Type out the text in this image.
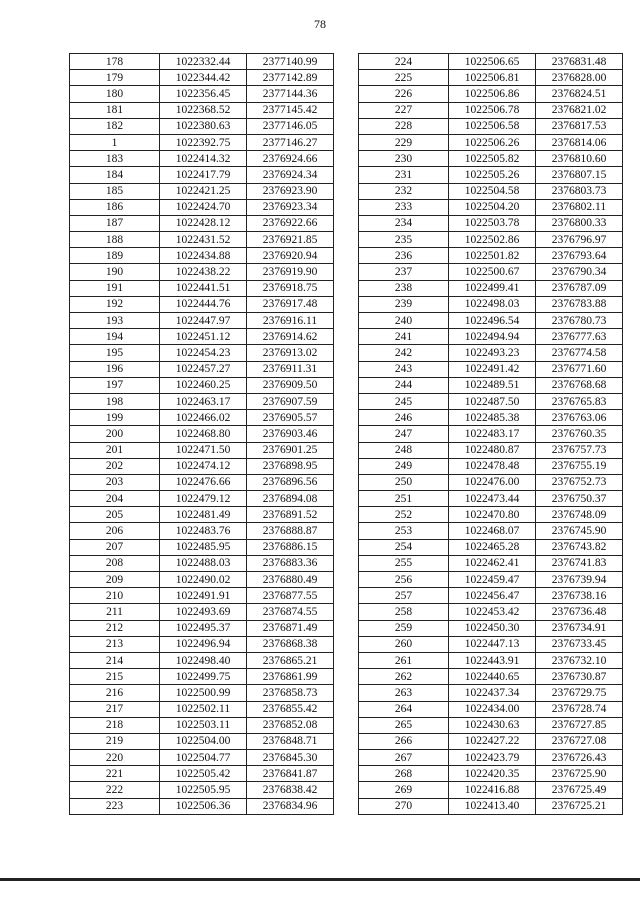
78
178	1022332.44	2377140.99
179	1022344.42	2377142.89
180	1022356.45	2377144.36
181	1022368.52	2377145.42
182	1022380.63	2377146.05
1	1022392.75	2377146.27
183	1022414.32	2376924.66
184	1022417.79	2376924.34
185	1022421.25	2376923.90
186	1022424.70	2376923.34
187	1022428.12	2376922.66
188	1022431.52	2376921.85
189	1022434.88	2376920.94
190	1022438.22	2376919.90
191	1022441.51	2376918.75
192	1022444.76	2376917.48
193	1022447.97	2376916.11
194	1022451.12	2376914.62
195	1022454.23	2376913.02
196	1022457.27	2376911.31
197	1022460.25	2376909.50
198	1022463.17	2376907.59
199	1022466.02	2376905.57
200	1022468.80	2376903.46
201	1022471.50	2376901.25
202	1022474.12	2376898.95
203	1022476.66	2376896.56
204	1022479.12	2376894.08
205	1022481.49	2376891.52
206	1022483.76	2376888.87
207	1022485.95	2376886.15
208	1022488.03	2376883.36
209	1022490.02	2376880.49
210	1022491.91	2376877.55
211	1022493.69	2376874.55
212	1022495.37	2376871.49
213	1022496.94	2376868.38
214	1022498.40	2376865.21
215	1022499.75	2376861.99
216	1022500.99	2376858.73
217	1022502.11	2376855.42
218	1022503.11	2376852.08
219	1022504.00	2376848.71
220	1022504.77	2376845.30
221	1022505.42	2376841.87
222	1022505.95	2376838.42
223	1022506.36	2376834.96
224	1022506.65	2376831.48
225	1022506.81	2376828.00
226	1022506.86	2376824.51
227	1022506.78	2376821.02
228	1022506.58	2376817.53
229	1022506.26	2376814.06
230	1022505.82	2376810.60
231	1022505.26	2376807.15
232	1022504.58	2376803.73
233	1022504.20	2376802.11
234	1022503.78	2376800.33
235	1022502.86	2376796.97
236	1022501.82	2376793.64
237	1022500.67	2376790.34
238	1022499.41	2376787.09
239	1022498.03	2376783.88
240	1022496.54	2376780.73
241	1022494.94	2376777.63
242	1022493.23	2376774.58
243	1022491.42	2376771.60
244	1022489.51	2376768.68
245	1022487.50	2376765.83
246	1022485.38	2376763.06
247	1022483.17	2376760.35
248	1022480.87	2376757.73
249	1022478.48	2376755.19
250	1022476.00	2376752.73
251	1022473.44	2376750.37
252	1022470.80	2376748.09
253	1022468.07	2376745.90
254	1022465.28	2376743.82
255	1022462.41	2376741.83
256	1022459.47	2376739.94
257	1022456.47	2376738.16
258	1022453.42	2376736.48
259	1022450.30	2376734.91
260	1022447.13	2376733.45
261	1022443.91	2376732.10
262	1022440.65	2376730.87
263	1022437.34	2376729.75
264	1022434.00	2376728.74
265	1022430.63	2376727.85
266	1022427.22	2376727.08
267	1022423.79	2376726.43
268	1022420.35	2376725.90
269	1022416.88	2376725.49
270	1022413.40	2376725.21
